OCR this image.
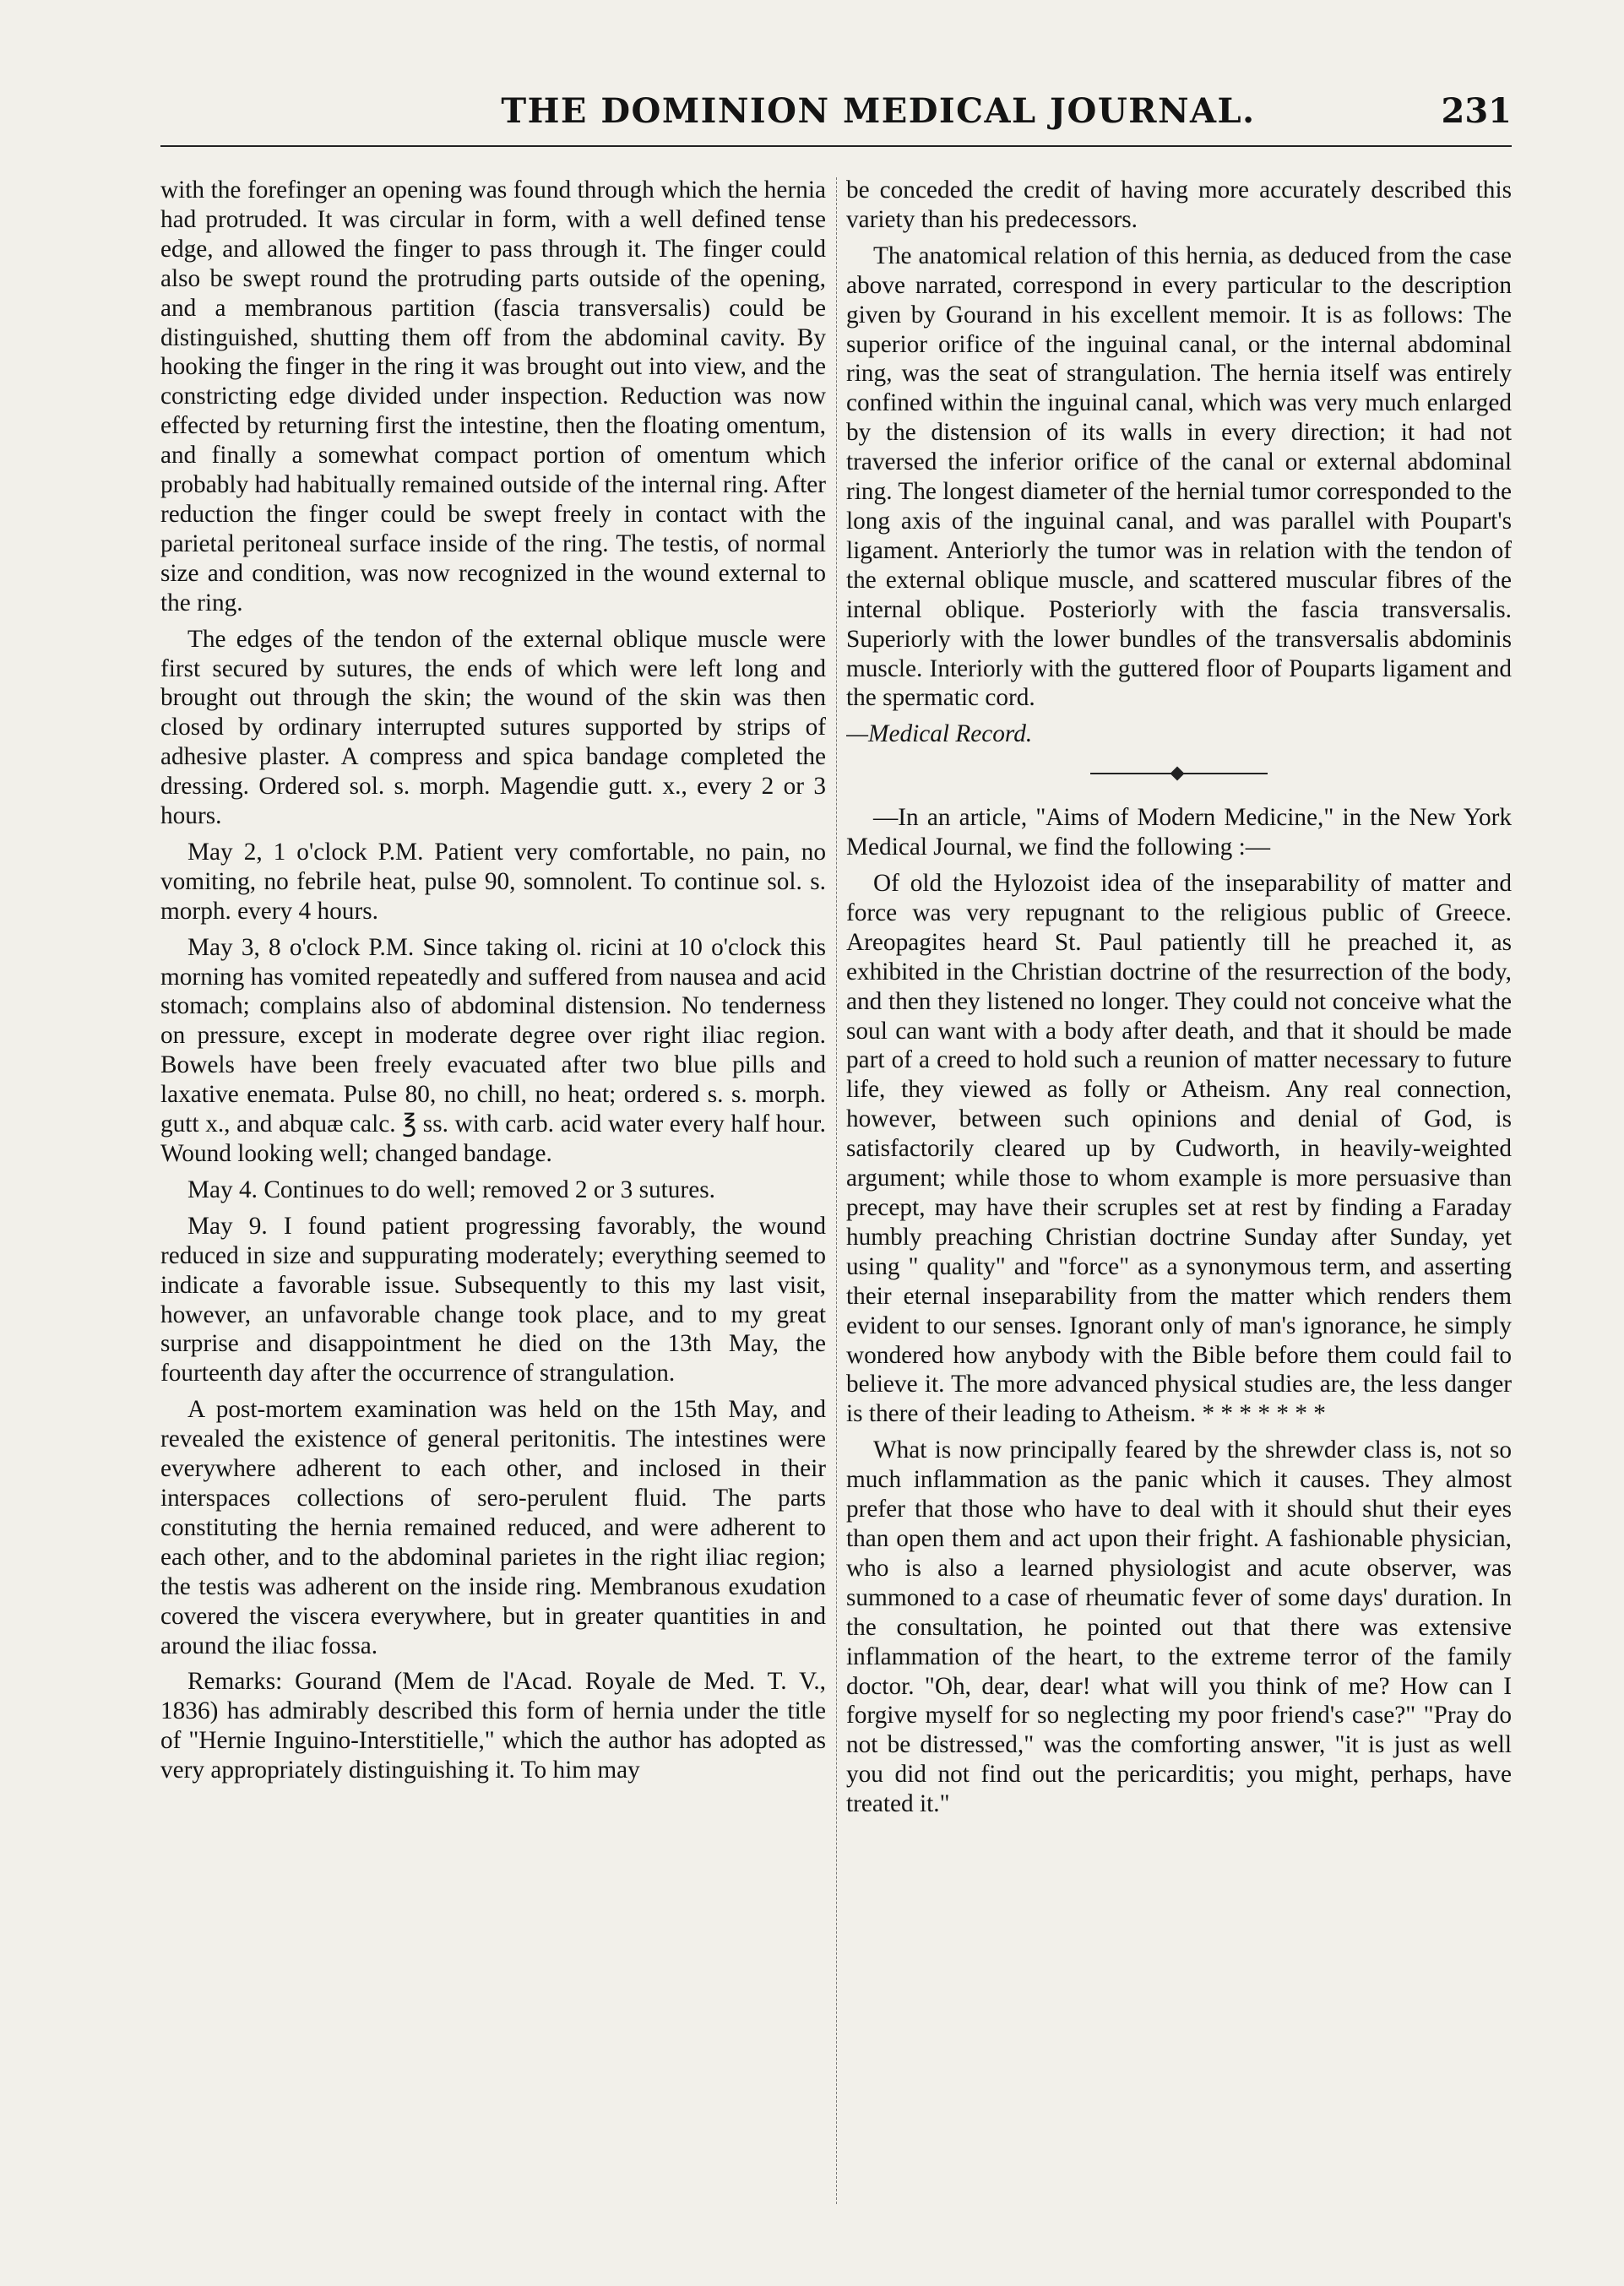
THE DOMINION MEDICAL JOURNAL.	231

with the forefinger an opening was found through which the hernia had protruded. It was circular in form, with a well defined tense edge, and allowed the finger to pass through it. The finger could also be swept round the protruding parts outside of the opening, and a membranous partition (fascia transversalis) could be distinguished, shutting them off from the abdominal cavity. By hooking the finger in the ring it was brought out into view, and the constricting edge divided under inspection. Reduction was now effected by returning first the intestine, then the floating omentum, and finally a somewhat compact portion of omentum which probably had habitually remained outside of the internal ring. After reduction the finger could be swept freely in contact with the parietal peritoneal surface inside of the ring. The testis, of normal size and condition, was now recognized in the wound external to the ring.

The edges of the tendon of the external oblique muscle were first secured by sutures, the ends of which were left long and brought out through the skin; the wound of the skin was then closed by ordinary interrupted sutures supported by strips of adhesive plaster. A compress and spica bandage completed the dressing. Ordered sol. s. morph. Magendie gutt. x., every 2 or 3 hours.

May 2, 1 o'clock P.M. Patient very comfortable, no pain, no vomiting, no febrile heat, pulse 90, somnolent. To continue sol. s. morph. every 4 hours.

May 3, 8 o'clock P.M. Since taking ol. ricini at 10 o'clock this morning has vomited repeatedly and suffered from nausea and acid stomach; complains also of abdominal distension. No tenderness on pressure, except in moderate degree over right iliac region. Bowels have been freely evacuated after two blue pills and laxative enemata. Pulse 80, no chill, no heat; ordered s. s. morph. gutt x., and abquæ calc. ℥ ss. with carb. acid water every half hour. Wound looking well; changed bandage.

May 4. Continues to do well; removed 2 or 3 sutures.

May 9. I found patient progressing favorably, the wound reduced in size and suppurating moderately; everything seemed to indicate a favorable issue. Subsequently to this my last visit, however, an unfavorable change took place, and to my great surprise and disappointment he died on the 13th May, the fourteenth day after the occurrence of strangulation.

A post-mortem examination was held on the 15th May, and revealed the existence of general peritonitis. The intestines were everywhere adherent to each other, and inclosed in their interspaces collections of sero-perulent fluid. The parts constituting the hernia remained reduced, and were adherent to each other, and to the abdominal parietes in the right iliac region; the testis was adherent on the inside ring. Membranous exudation covered the viscera everywhere, but in greater quantities in and around the iliac fossa.

Remarks: Gourand (Mem de l'Acad. Royale de Med. T. V., 1836) has admirably described this form of hernia under the title of "Hernie Inguino-Interstitielle," which the author has adopted as very appropriately distinguishing it. To him may

be conceded the credit of having more accurately described this variety than his predecessors.

The anatomical relation of this hernia, as deduced from the case above narrated, correspond in every particular to the description given by Gourand in his excellent memoir. It is as follows: The superior orifice of the inguinal canal, or the internal abdominal ring, was the seat of strangulation. The hernia itself was entirely confined within the inguinal canal, which was very much enlarged by the distension of its walls in every direction; it had not traversed the inferior orifice of the canal or external abdominal ring. The longest diameter of the hernial tumor corresponded to the long axis of the inguinal canal, and was parallel with Poupart's ligament. Anteriorly the tumor was in relation with the tendon of the external oblique muscle, and scattered muscular fibres of the internal oblique. Posteriorly with the fascia transversalis. Superiorly with the lower bundles of the transversalis abdominis muscle. Interiorly with the guttered floor of Pouparts ligament and the spermatic cord.

—Medical Record.

—In an article, "Aims of Modern Medicine," in the New York Medical Journal, we find the following :—

Of old the Hylozoist idea of the inseparability of matter and force was very repugnant to the religious public of Greece. Areopagites heard St. Paul patiently till he preached it, as exhibited in the Christian doctrine of the resurrection of the body, and then they listened no longer. They could not conceive what the soul can want with a body after death, and that it should be made part of a creed to hold such a reunion of matter necessary to future life, they viewed as folly or Atheism. Any real connection, however, between such opinions and denial of God, is satisfactorily cleared up by Cudworth, in heavily-weighted argument; while those to whom example is more persuasive than precept, may have their scruples set at rest by finding a Faraday humbly preaching Christian doctrine Sunday after Sunday, yet using " quality" and "force" as a synonymous term, and asserting their eternal inseparability from the matter which renders them evident to our senses. Ignorant only of man's ignorance, he simply wondered how anybody with the Bible before them could fail to believe it. The more advanced physical studies are, the less danger is there of their leading to Atheism. * * * * * * *

What is now principally feared by the shrewder class is, not so much inflammation as the panic which it causes. They almost prefer that those who have to deal with it should shut their eyes than open them and act upon their fright. A fashionable physician, who is also a learned physiologist and acute observer, was summoned to a case of rheumatic fever of some days' duration. In the consultation, he pointed out that there was extensive inflammation of the heart, to the extreme terror of the family doctor. "Oh, dear, dear! what will you think of me? How can I forgive myself for so neglecting my poor friend's case?" "Pray do not be distressed," was the comforting answer, "it is just as well you did not find out the pericarditis; you might, perhaps, have treated it."
